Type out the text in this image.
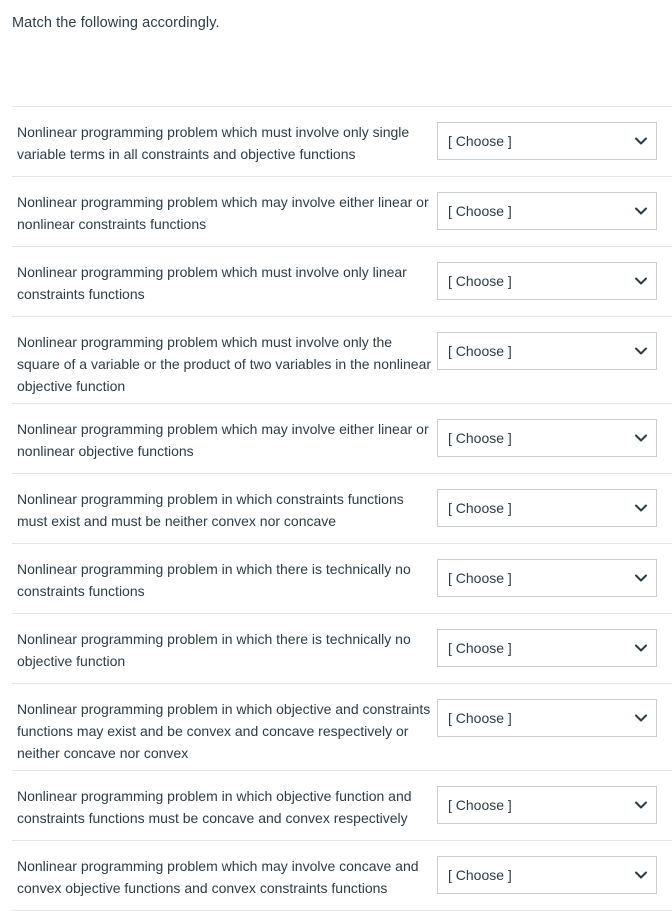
Match the following accordingly.
Nonlinear programming problem which must involve only single
variable terms in all constraints and objective functions
[ Choose ]
Nonlinear programming problem which may involve either linear or
nonlinear constraints functions
[ Choose ]
Nonlinear programming problem which must involve only linear
constraints functions
[ Choose ]
Nonlinear programming problem which must involve only the
square of a variable or the product of two variables in the nonlinear
objective function
[ Choose ]
Nonlinear programming problem which may involve either linear or
nonlinear objective functions
[ Choose ]
Nonlinear programming problem in which constraints functions
must exist and must be neither convex nor concave
[ Choose ]
Nonlinear programming problem in which there is technically no
constraints functions
[ Choose ]
Nonlinear programming problem in which there is technically no
objective function
[ Choose ]
Nonlinear programming problem in which objective and constraints
functions may exist and be convex and concave respectively or
neither concave nor convex
[ Choose ]
Nonlinear programming problem in which objective function and
constraints functions must be concave and convex respectively
[ Choose ]
Nonlinear programming problem which may involve concave and
convex objective functions and convex constraints functions
[ Choose ]
